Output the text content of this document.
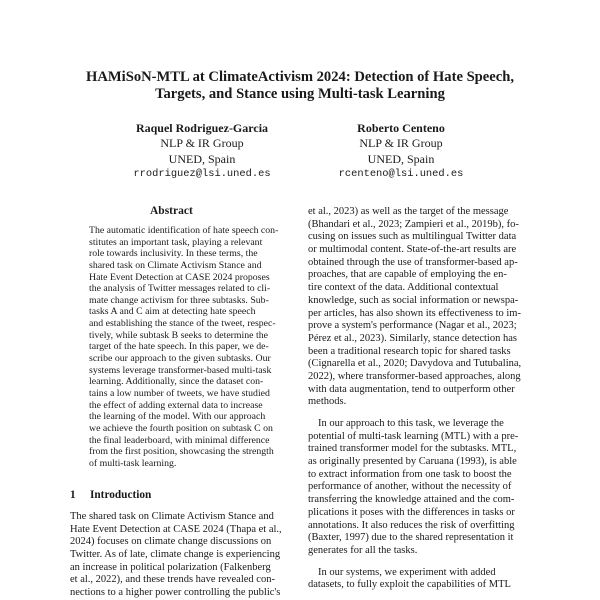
HAMiSoN-MTL at ClimateActivism 2024: Detection of Hate Speech,
Targets, and Stance using Multi-task Learning
Raquel Rodriguez-Garcia
NLP & IR Group
UNED, Spain
rrodriguez@lsi.uned.es
Roberto Centeno
NLP & IR Group
UNED, Spain
rcenteno@lsi.uned.es
Abstract
The automatic identification of hate speech con-
stitutes an important task, playing a relevant
role towards inclusivity. In these terms, the
shared task on Climate Activism Stance and
Hate Event Detection at CASE 2024 proposes
the analysis of Twitter messages related to cli-
mate change activism for three subtasks. Sub-
tasks A and C aim at detecting hate speech
and establishing the stance of the tweet, respec-
tively, while subtask B seeks to determine the
target of the hate speech. In this paper, we de-
scribe our approach to the given subtasks. Our
systems leverage transformer-based multi-task
learning. Additionally, since the dataset con-
tains a low number of tweets, we have studied
the effect of adding external data to increase
the learning of the model. With our approach
we achieve the fourth position on subtask C on
the final leaderboard, with minimal difference
from the first position, showcasing the strength
of multi-task learning.
1 Introduction
The shared task on Climate Activism Stance and
Hate Event Detection at CASE 2024 (Thapa et al.,
2024) focuses on climate change discussions on
Twitter. As of late, climate change is experiencing
an increase in political polarization (Falkenberg
et al., 2022), and these trends have revealed con-
nections to a higher power controlling the public's
et al., 2023) as well as the target of the message
(Bhandari et al., 2023; Zampieri et al., 2019b), fo-
cusing on issues such as multilingual Twitter data
or multimodal content. State-of-the-art results are
obtained through the use of transformer-based ap-
proaches, that are capable of employing the en-
tire context of the data. Additional contextual
knowledge, such as social information or newspa-
per articles, has also shown its effectiveness to im-
prove a system's performance (Nagar et al., 2023;
Pérez et al., 2023). Similarly, stance detection has
been a traditional research topic for shared tasks
(Cignarella et al., 2020; Davydova and Tutubalina,
2022), where transformer-based approaches, along
with data augmentation, tend to outperform other
methods.
In our approach to this task, we leverage the
potential of multi-task learning (MTL) with a pre-
trained transformer model for the subtasks. MTL,
as originally presented by Caruana (1993), is able
to extract information from one task to boost the
performance of another, without the necessity of
transferring the knowledge attained and the com-
plications it poses with the differences in tasks or
annotations. It also reduces the risk of overfitting
(Baxter, 1997) due to the shared representation it
generates for all the tasks.
In our systems, we experiment with added
datasets, to fully exploit the capabilities of MTL
